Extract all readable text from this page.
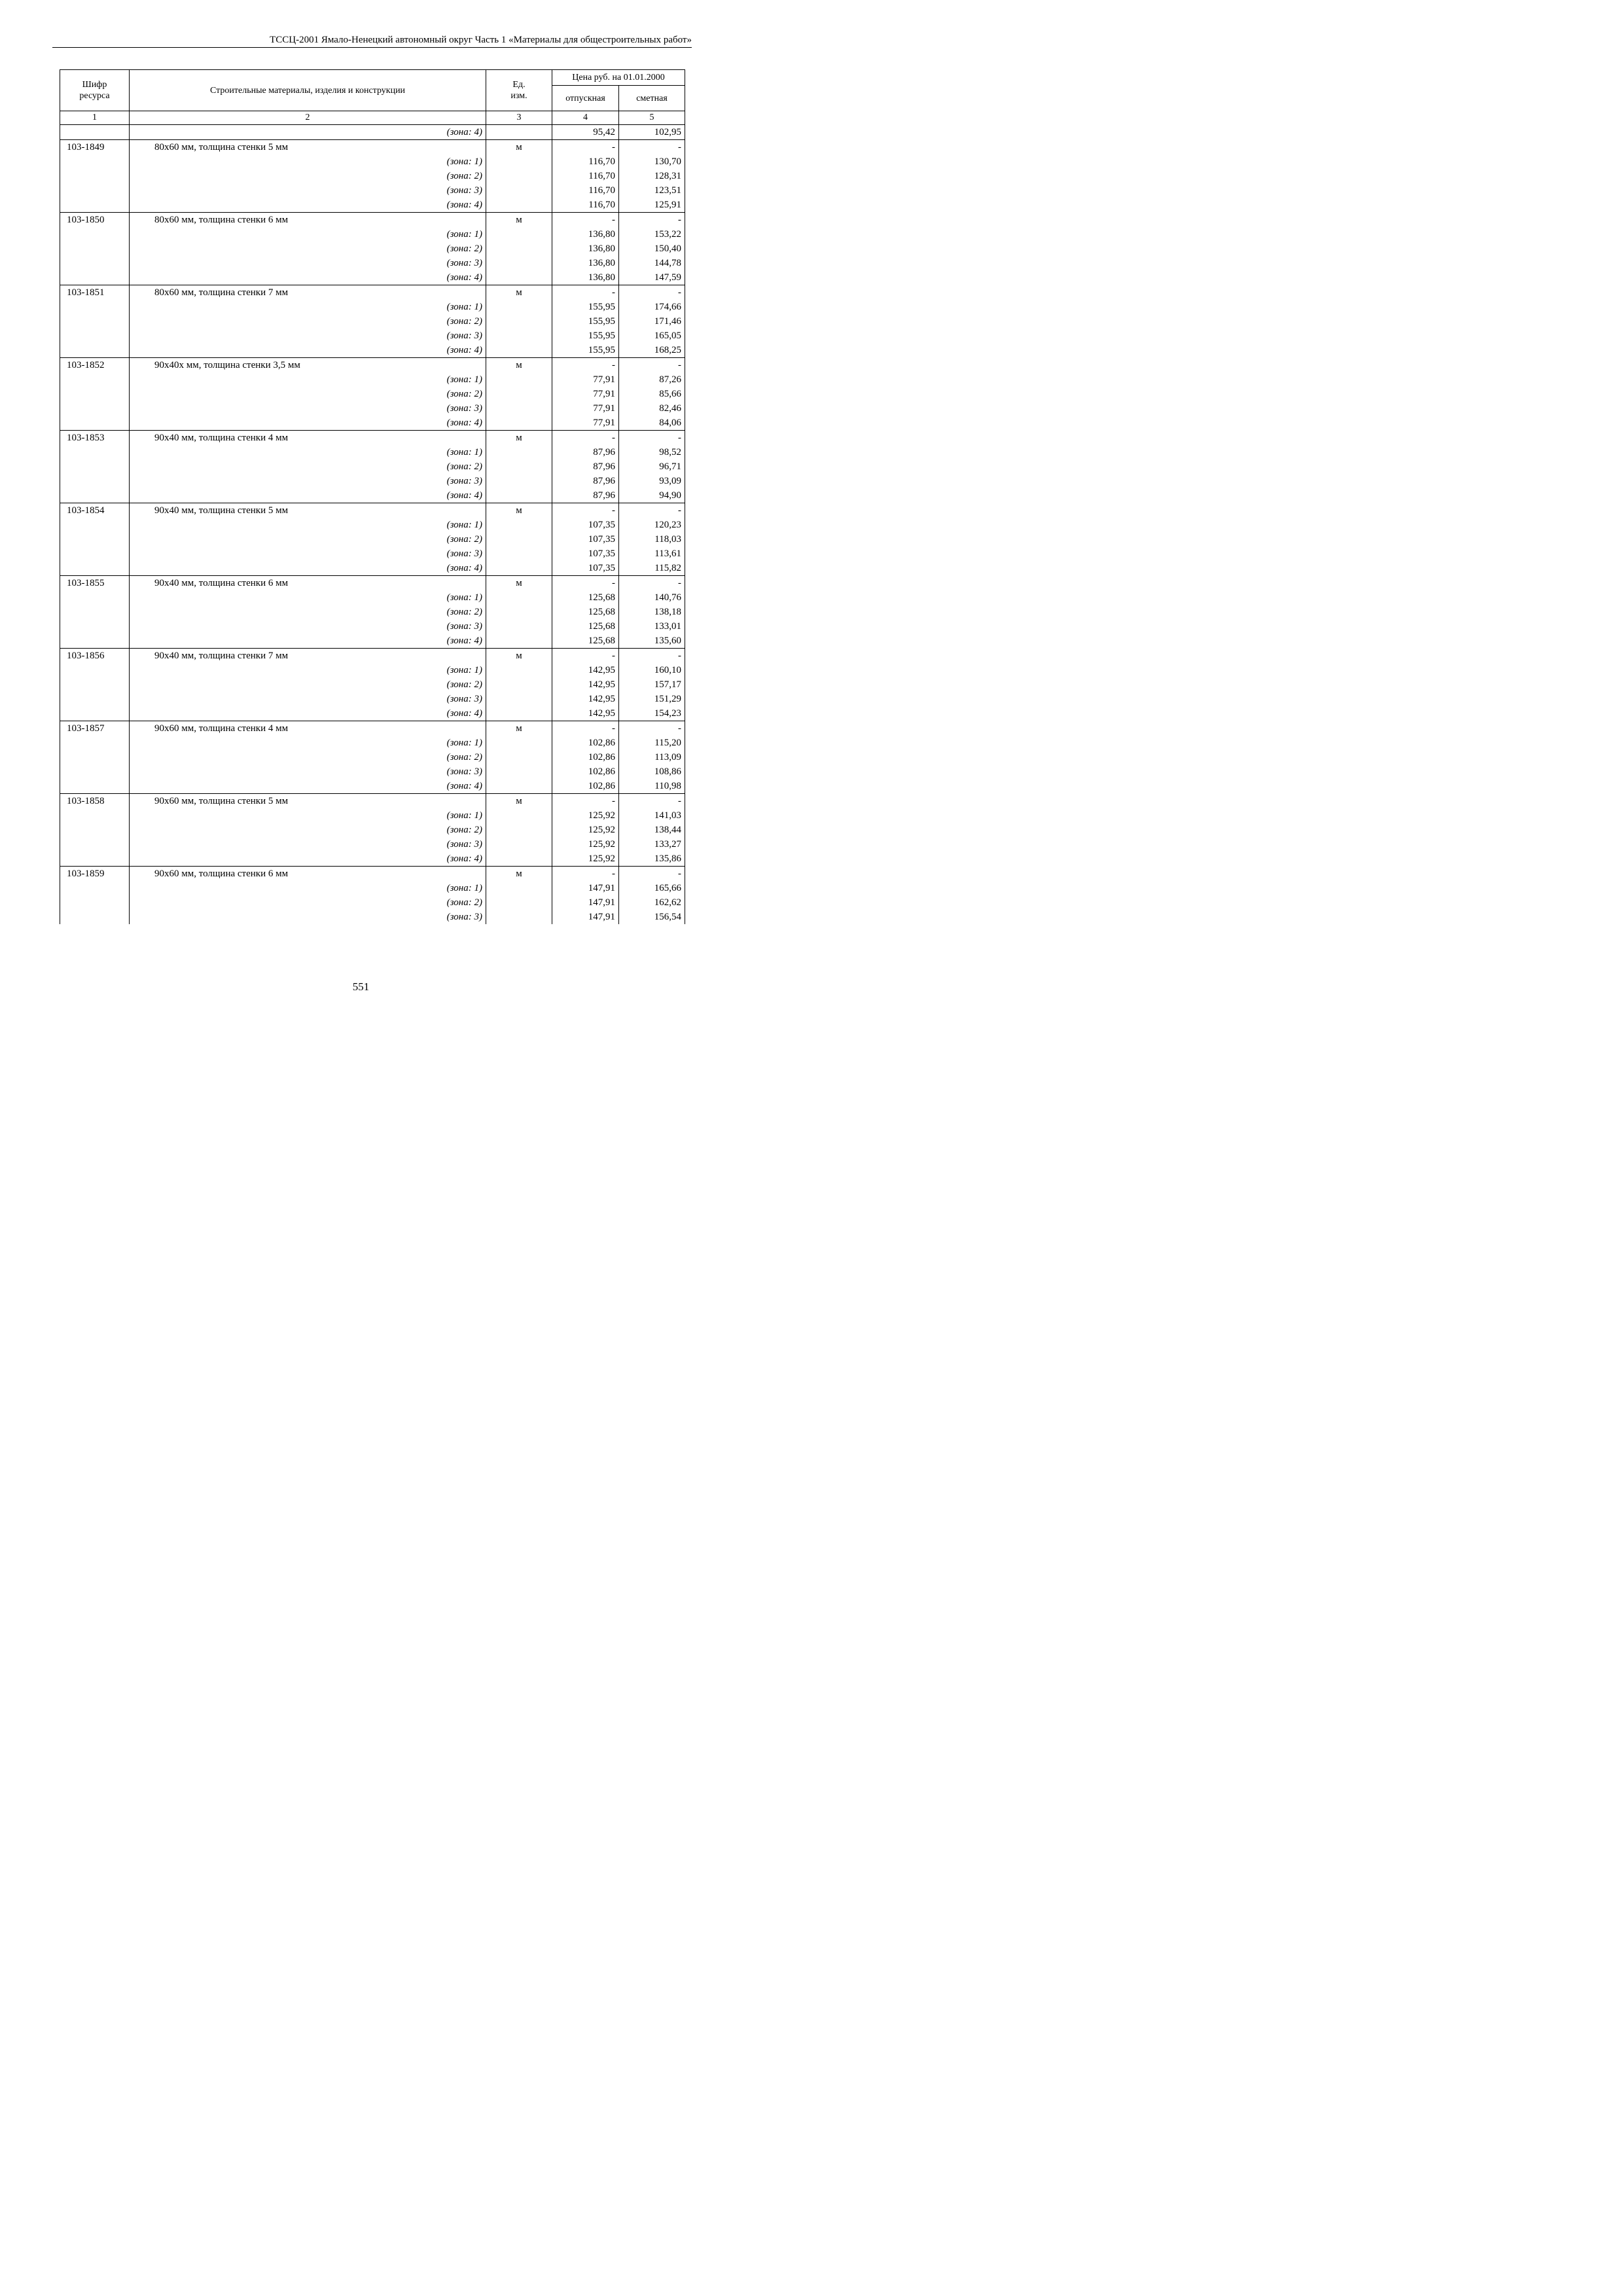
ТССЦ-2001 Ямало-Ненецкий автономный округ Часть 1 «Материалы для общестроительных работ»
Шифр ресурса	Строительные материалы, изделия и конструкции	Ед. изм.	Цена руб. на 01.01.2000	
			отпускная	сметная
1	2	3	4	5
	(зона: 4)		95,42	102,95
103-1849	80x60 мм, толщина стенки 5 мм	м	-	-
	(зона: 1)		116,70	130,70
	(зона: 2)		116,70	128,31
	(зона: 3)		116,70	123,51
	(зона: 4)		116,70	125,91
103-1850	80x60 мм, толщина стенки 6 мм	м	-	-
	(зона: 1)		136,80	153,22
	(зона: 2)		136,80	150,40
	(зона: 3)		136,80	144,78
	(зона: 4)		136,80	147,59
103-1851	80x60 мм, толщина стенки 7 мм	м	-	-
	(зона: 1)		155,95	174,66
	(зона: 2)		155,95	171,46
	(зона: 3)		155,95	165,05
	(зона: 4)		155,95	168,25
103-1852	90x40x мм, толщина стенки 3,5 мм	м	-	-
	(зона: 1)		77,91	87,26
	(зона: 2)		77,91	85,66
	(зона: 3)		77,91	82,46
	(зона: 4)		77,91	84,06
103-1853	90x40 мм, толщина стенки 4 мм	м	-	-
	(зона: 1)		87,96	98,52
	(зона: 2)		87,96	96,71
	(зона: 3)		87,96	93,09
	(зона: 4)		87,96	94,90
103-1854	90x40 мм, толщина стенки 5 мм	м	-	-
	(зона: 1)		107,35	120,23
	(зона: 2)		107,35	118,03
	(зона: 3)		107,35	113,61
	(зона: 4)		107,35	115,82
103-1855	90x40 мм, толщина стенки 6 мм	м	-	-
	(зона: 1)		125,68	140,76
	(зона: 2)		125,68	138,18
	(зона: 3)		125,68	133,01
	(зона: 4)		125,68	135,60
103-1856	90x40 мм, толщина стенки 7 мм	м	-	-
	(зона: 1)		142,95	160,10
	(зона: 2)		142,95	157,17
	(зона: 3)		142,95	151,29
	(зона: 4)		142,95	154,23
103-1857	90x60 мм, толщина стенки 4 мм	м	-	-
	(зона: 1)		102,86	115,20
	(зона: 2)		102,86	113,09
	(зона: 3)		102,86	108,86
	(зона: 4)		102,86	110,98
103-1858	90x60 мм, толщина стенки 5 мм	м	-	-
	(зона: 1)		125,92	141,03
	(зона: 2)		125,92	138,44
	(зона: 3)		125,92	133,27
	(зона: 4)		125,92	135,86
103-1859	90x60 мм, толщина стенки 6 мм	м	-	-
	(зона: 1)		147,91	165,66
	(зона: 2)		147,91	162,62
	(зона: 3)		147,91	156,54
551
